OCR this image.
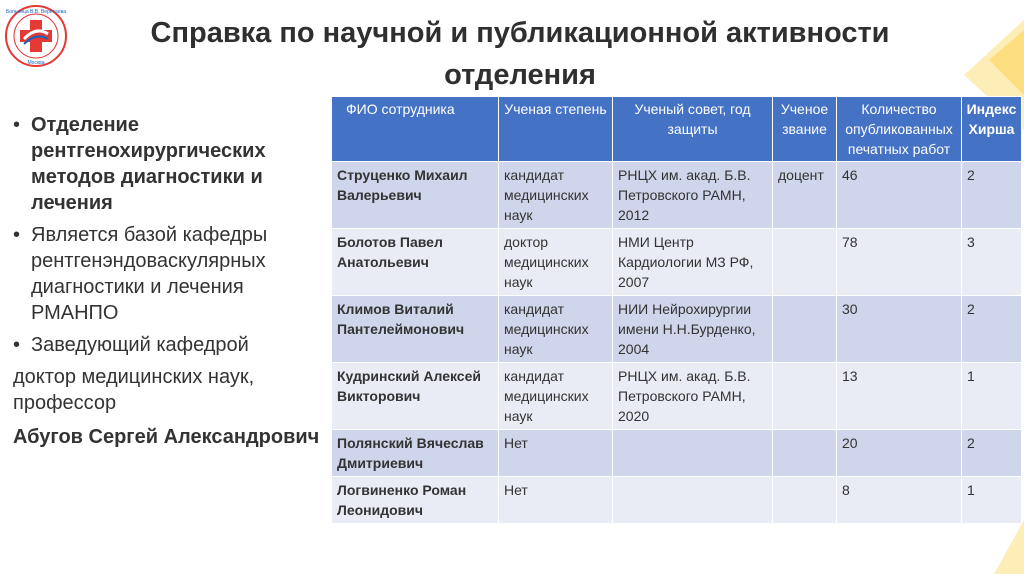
Больница В.В. Вересаева
Москва
Справка по научной и публикационной активности отделения
• Отделение рентгенохирургических методов диагностики и лечения
• Является базой кафедры рентгенэндоваскулярных диагностики и лечения РМАНПО
• Заведующий кафедрой
доктор медицинских наук, профессор
Абугов Сергей Александрович
ФИО сотрудника	Ученая степень	Ученый совет, год защиты	Ученое звание	Количество опубликованных печатных работ	Индекс Хирша
Струценко Михаил Валерьевич	кандидат медицинских наук	РНЦХ им. акад. Б.В. Петровского РАМН, 2012	доцент	46	2
Болотов Павел Анатольевич	доктор медицинских наук	НМИ Центр Кардиологии МЗ РФ, 2007		78	3
Климов Виталий Пантелеймонович	кандидат медицинских наук	НИИ Нейрохирургии имени Н.Н.Бурденко, 2004		30	2
Кудринский Алексей Викторович	кандидат медицинских наук	РНЦХ им. акад. Б.В. Петровского РАМН, 2020		13	1
Полянский Вячеслав Дмитриевич	Нет			20	2
Логвиненко Роман Леонидович	Нет			8	1
